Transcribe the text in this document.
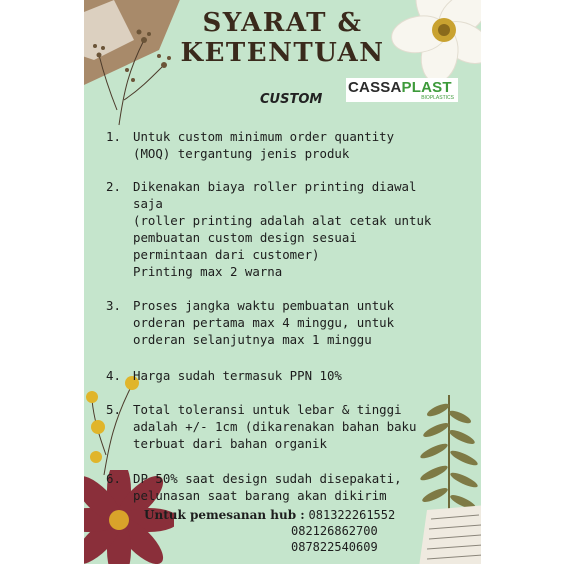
SYARAT &
KETENTUAN
CASSAPLAST
BIOPLASTICS
CUSTOM
1. Untuk custom minimum order quantity
(MOQ) tergantung jenis produk
2. Dikenakan biaya roller printing diawal
saja
(roller printing adalah alat cetak untuk
pembuatan custom design sesuai
permintaan dari customer)
Printing max 2 warna
3. Proses jangka waktu pembuatan untuk
orderan pertama max 4 minggu, untuk
orderan selanjutnya max 1 minggu
4. Harga sudah termasuk PPN 10%
5. Total toleransi untuk lebar & tinggi
adalah +/- 1cm (dikarenakan bahan baku
terbuat dari bahan organik
6. DP 50% saat design sudah disepakati,
pelunasan saat barang akan dikirim
Untuk pemesanan hub : 081322261552
082126862700
087822540609
